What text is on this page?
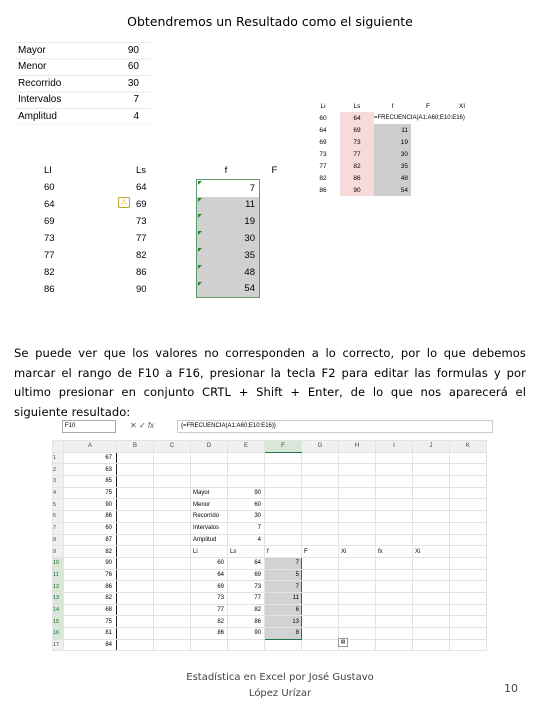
Obtendremos un Resultado como el siguiente
Mayor	90
Menor	60
Recorrido	30
Intervalos	7
Amplitud	4
LI	Ls	f	F	
60	64	7		
64	69	11		
69	73	19		
73	77	30		
77	82	35		
82	86	48		
86	90	54		
⚠
Li	Ls	f	F	XI
60	64	=FRECUENCIA(A1:A60;E10:E16)		
64	69	11		
69	73	19		
73	77	30		
77	82	35		
82	86	48		
86	90	54		
Se puede ver que los valores no corresponden a lo correcto, por lo que debemos marcar el rango de F10 a F16, presionar la tecla F2 para editar las formulas y por ultimo presionar en conjunto CRTL + Shift + Enter, de lo que nos aparecerá el siguiente resultado:
F10	✕ ✓ fx	{=FRECUENCIA(A1:A60;E10:E16)}
	A	B	C	D	E	F	G	H	I	J	K
1	67										
2	63										
3	85										
4	75			Mayor	90						
5	90			Menor	60						
6	86			Recorrido	30						
7	60			Intervalos	7						
8	87			Amplitud	4						
9	82			Li	Ls	f	F	Xi	fx	Xi	
10	90			60	64	7					
11	76			64	69	5					
12	86			69	73	7					
13	82			73	77	11					
14	68			77	82	6					
15	75			82	86	13					
16	81			86	90	8					
17	84										
▤
Estadística en Excel por José Gustavo
López Urízar	10
